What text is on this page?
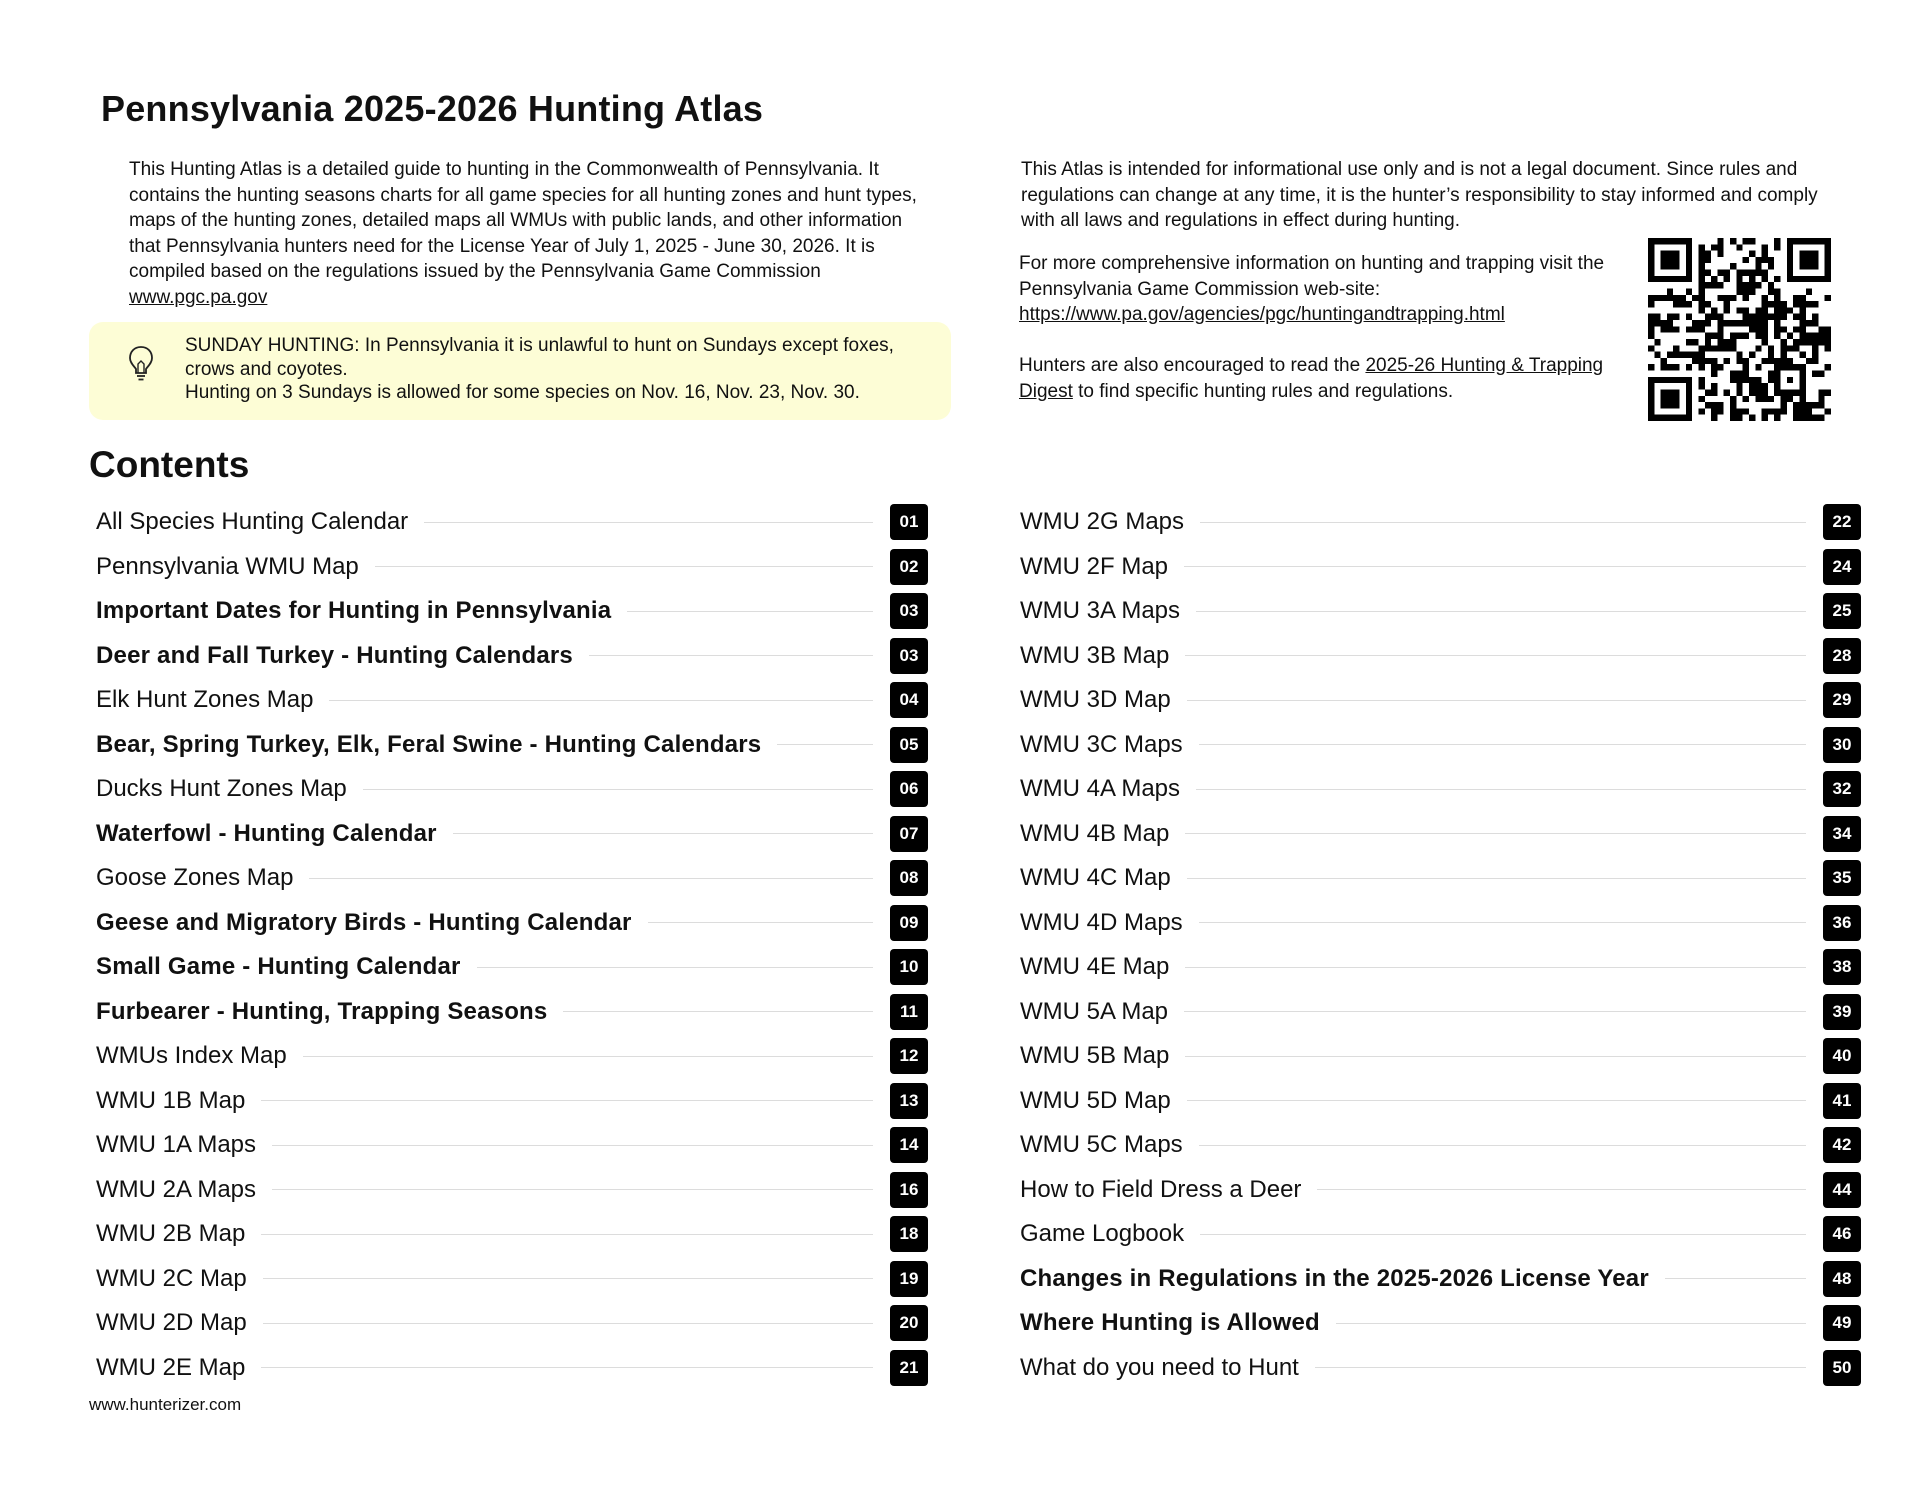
Pennsylvania 2025-2026 Hunting Atlas
This Hunting Atlas is a detailed guide to hunting in the Commonwealth of Pennsylvania. It contains the hunting seasons charts for all game species for all hunting zones and hunt types, maps of the hunting zones, detailed maps all WMUs with public lands, and other information that Pennsylvania hunters need for the License Year of July 1, 2025 - June 30, 2026. It is compiled based on the regulations issued by the Pennsylvania Game Commission www.pgc.pa.gov
SUNDAY HUNTING: In Pennsylvania it is unlawful to hunt on Sundays except foxes, crows and coyotes.
Hunting on 3 Sundays is allowed for some species on Nov. 16, Nov. 23, Nov. 30.
This Atlas is intended for informational use only and is not a legal document. Since rules and regulations can change at any time, it is the hunter’s responsibility to stay informed and comply with all laws and regulations in effect during hunting.

For more comprehensive information on hunting and trapping visit the Pennsylvania Game Commission web-site: https://www.pa.gov/agencies/pgc/huntingandtrapping.html

Hunters are also encouraged to read the 2025-26 Hunting & Trapping Digest to find specific hunting rules and regulations.

Contents
All Species Hunting Calendar	01
Pennsylvania WMU Map	02
Important Dates for Hunting in Pennsylvania	03
Deer and Fall Turkey - Hunting Calendars	03
Elk Hunt Zones Map	04
Bear, Spring Turkey, Elk, Feral Swine - Hunting Calendars	05
Ducks Hunt Zones Map	06
Waterfowl - Hunting Calendar	07
Goose Zones Map	08
Geese and Migratory Birds - Hunting Calendar	09
Small Game - Hunting Calendar	10
Furbearer - Hunting, Trapping Seasons	11
WMUs Index Map	12
WMU 1B Map	13
WMU 1A Maps	14
WMU 2A Maps	16
WMU 2B Map	18
WMU 2C Map	19
WMU 2D Map	20
WMU 2E Map	21
WMU 2G Maps	22
WMU 2F Map	24
WMU 3A Maps	25
WMU 3B Map	28
WMU 3D Map	29
WMU 3C Maps	30
WMU 4A Maps	32
WMU 4B Map	34
WMU 4C Map	35
WMU 4D Maps	36
WMU 4E Map	38
WMU 5A Map	39
WMU 5B Map	40
WMU 5D Map	41
WMU 5C Maps	42
How to Field Dress a Deer	44
Game Logbook	46
Changes in Regulations in the 2025-2026 License Year	48
Where Hunting is Allowed	49
What do you need to Hunt	50
www.hunterizer.com
